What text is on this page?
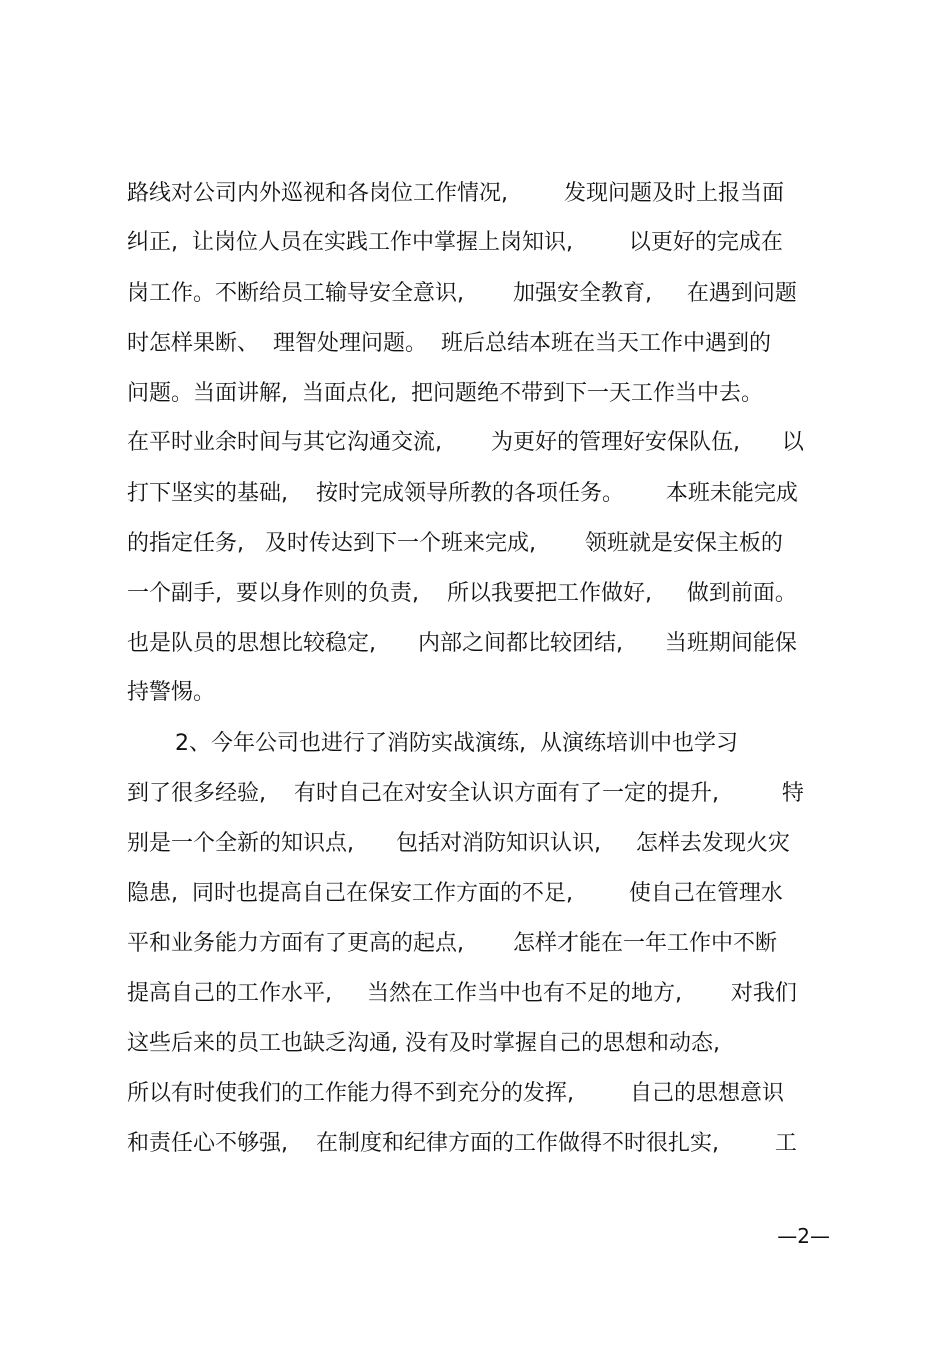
路线对公司内外巡视和各岗位工作情况,        发现问题及时上报当面
纠正,  让岗位人员在实践工作中掌握上岗知识,        以更好的完成在
岗工作。不断给员工输导安全意识,       加强安全教育,     在遇到问题
时怎样果断、  理智处理问题。  班后总结本班在当天工作中遇到的
问题。当面讲解,  当面点化,  把问题绝不带到下一天工作当中去。
在平时业余时间与其它沟通交流,       为更好的管理好安保队伍,      以
打下坚实的基础,    按时完成领导所教的各项任务。      本班未能完成
的指定任务,   及时传达到下一个班来完成,       领班就是安保主板的
一个副手,  要以身作则的负责,    所以我要把工作做好,     做到前面。
也是队员的思想比较稳定,      内部之间都比较团结,      当班期间能保
持警惕。
2、今年公司也进行了消防实战演练,  从演练培训中也学习
到了很多经验,    有时自己在对安全认识方面有了一定的提升,         特
别是一个全新的知识点,      包括对消防知识认识,     怎样去发现火灾
隐患,  同时也提高自己在保安工作方面的不足,        使自己在管理水
平和业务能力方面有了更高的起点,       怎样才能在一年工作中不断
提高自己的工作水平,     当然在工作当中也有不足的地方,       对我们
这些后来的员工也缺乏沟通, 没有及时掌握自己的思想和动态,
所以有时使我们的工作能力得不到充分的发挥,        自己的思想意识
和责任心不够强,    在制度和纪律方面的工作做得不时很扎实,        工
—2—
